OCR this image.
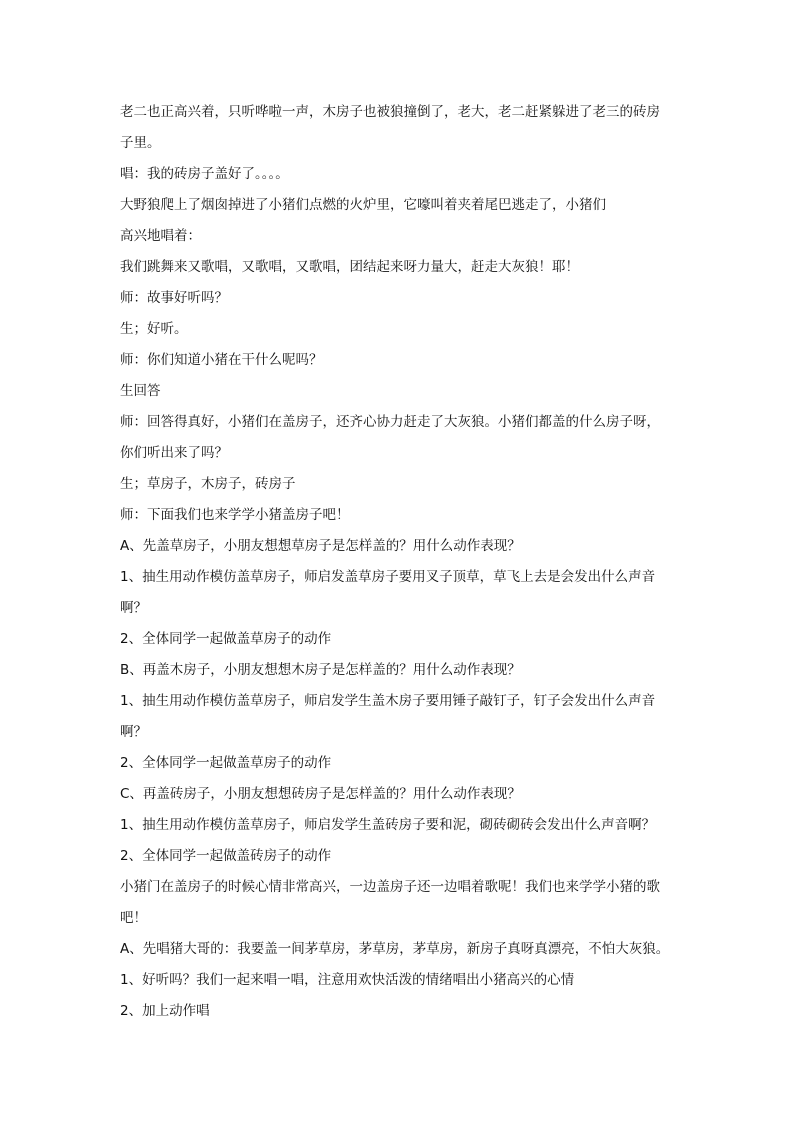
老二也正高兴着，只听哗啦一声，木房子也被狼撞倒了，老大，老二赶紧躲进了老三的砖房
子里。
唱：我的砖房子盖好了。。。。
大野狼爬上了烟囱掉进了小猪们点燃的火炉里，它嚎叫着夹着尾巴逃走了，小猪们
高兴地唱着：
我们跳舞来又歌唱，又歌唱，又歌唱，团结起来呀力量大，赶走大灰狼！耶！
师：故事好听吗？
生；好听。
师：你们知道小猪在干什么呢吗？
生回答
师：回答得真好，小猪们在盖房子，还齐心协力赶走了大灰狼。小猪们都盖的什么房子呀，
你们听出来了吗？
生；草房子，木房子，砖房子
师：下面我们也来学学小猪盖房子吧！
A、先盖草房子，小朋友想想草房子是怎样盖的？用什么动作表现？
1、抽生用动作模仿盖草房子，师启发盖草房子要用叉子顶草，草飞上去是会发出什么声音
啊？
2、全体同学一起做盖草房子的动作
B、再盖木房子，小朋友想想木房子是怎样盖的？用什么动作表现？
1、抽生用动作模仿盖草房子，师启发学生盖木房子要用锤子敲钉子，钉子会发出什么声音
啊？
2、全体同学一起做盖草房子的动作
C、再盖砖房子，小朋友想想砖房子是怎样盖的？用什么动作表现？
1、抽生用动作模仿盖草房子，师启发学生盖砖房子要和泥，砌砖砌砖会发出什么声音啊？
2、全体同学一起做盖砖房子的动作
小猪门在盖房子的时候心情非常高兴，一边盖房子还一边唱着歌呢！我们也来学学小猪的歌
吧！
A、先唱猪大哥的：我要盖一间茅草房，茅草房，茅草房，新房子真呀真漂亮，不怕大灰狼。
1、好听吗？我们一起来唱一唱，注意用欢快活泼的情绪唱出小猪高兴的心情
2、加上动作唱
